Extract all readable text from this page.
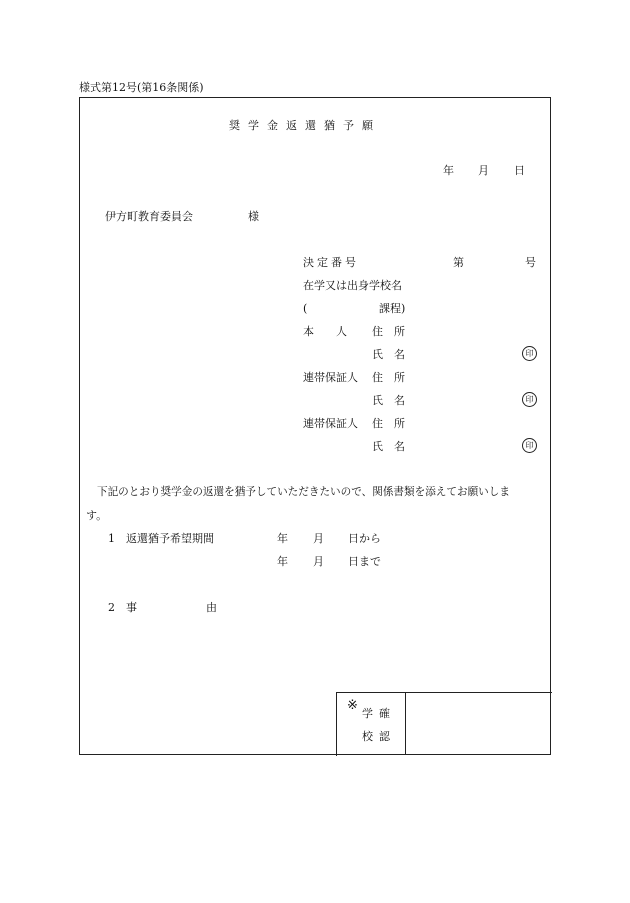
様式第12号(第16条関係)
奨学金返還猶予願
年 月 日
伊方町教育委員会	様
決定番号	第	号
在学又は出身学校名
(	課程)
本　　人 住　所
氏　名	印
連帯保証人 住　所
氏　名	印
連帯保証人 住　所
氏　名	印
下記のとおり奨学金の返還を猶予していただきたいので、関係書類を添えてお願いしま
す。
1 返還猶予希望期間	年 月 日から
年 月 日まで
2 事	由
※
学確
校認
